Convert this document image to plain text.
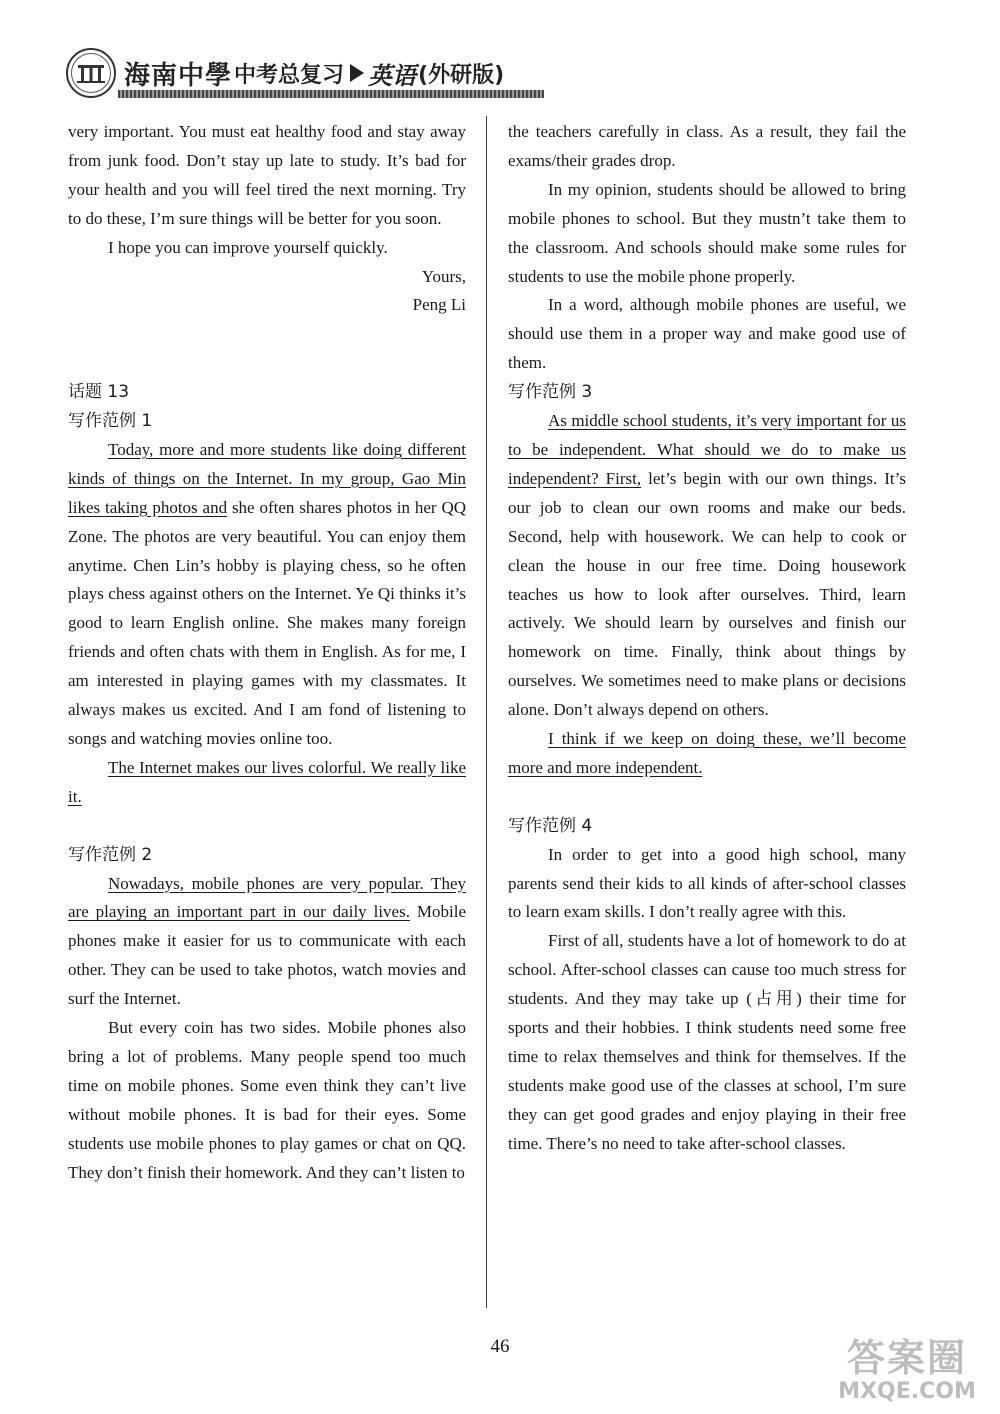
海南中學 中考总复习 英语 (外研版)

very important. You must eat healthy food and stay away from junk food. Don’t stay up late to study. It’s bad for your health and you will feel tired the next morning. Try to do these, I’m sure things will be better for you soon.

I hope you can improve yourself quickly.

Yours,

Peng Li

话题 13
写作范例 1

Today, more and more students like doing different kinds of things on the Internet. In my group, Gao Min likes taking photos and she often shares photos in her QQ Zone. The photos are very beautiful. You can enjoy them anytime. Chen Lin’s hobby is playing chess, so he often plays chess against others on the Internet. Ye Qi thinks it’s good to learn English online. She makes many foreign friends and often chats with them in English. As for me, I am interested in playing games with my classmates. It always makes us excited. And I am fond of listening to songs and watching movies online too.

The Internet makes our lives colorful. We really like it.

写作范例 2

Nowadays, mobile phones are very popular. They are playing an important part in our daily lives. Mobile phones make it easier for us to communicate with each other. They can be used to take photos, watch movies and surf the Internet.

But every coin has two sides. Mobile phones also bring a lot of problems. Many people spend too much time on mobile phones. Some even think they can’t live without mobile phones. It is bad for their eyes. Some students use mobile phones to play games or chat on QQ. They don’t finish their homework. And they can’t listen to

the teachers carefully in class. As a result, they fail the exams/their grades drop.

In my opinion, students should be allowed to bring mobile phones to school. But they mustn’t take them to the classroom. And schools should make some rules for students to use the mobile phone properly.

In a word, although mobile phones are useful, we should use them in a proper way and make good use of them.

写作范例 3

As middle school students, it’s very important for us to be independent. What should we do to make us independent? First, let’s begin with our own things. It’s our job to clean our own rooms and make our beds. Second, help with housework. We can help to cook or clean the house in our free time. Doing housework teaches us how to look after ourselves. Third, learn actively. We should learn by ourselves and finish our homework on time. Finally, think about things by ourselves. We sometimes need to make plans or decisions alone. Don’t always depend on others.

I think if we keep on doing these, we’ll become more and more independent.

写作范例 4

In order to get into a good high school, many parents send their kids to all kinds of after-school classes to learn exam skills. I don’t really agree with this.

First of all, students have a lot of homework to do at school. After-school classes can cause too much stress for students. And they may take up (占用) their time for sports and their hobbies. I think students need some free time to relax themselves and think for themselves. If the students make good use of the classes at school, I’m sure they can get good grades and enjoy playing in their free time. There’s no need to take after-school classes.

46	答案圈
MXQE.COM
